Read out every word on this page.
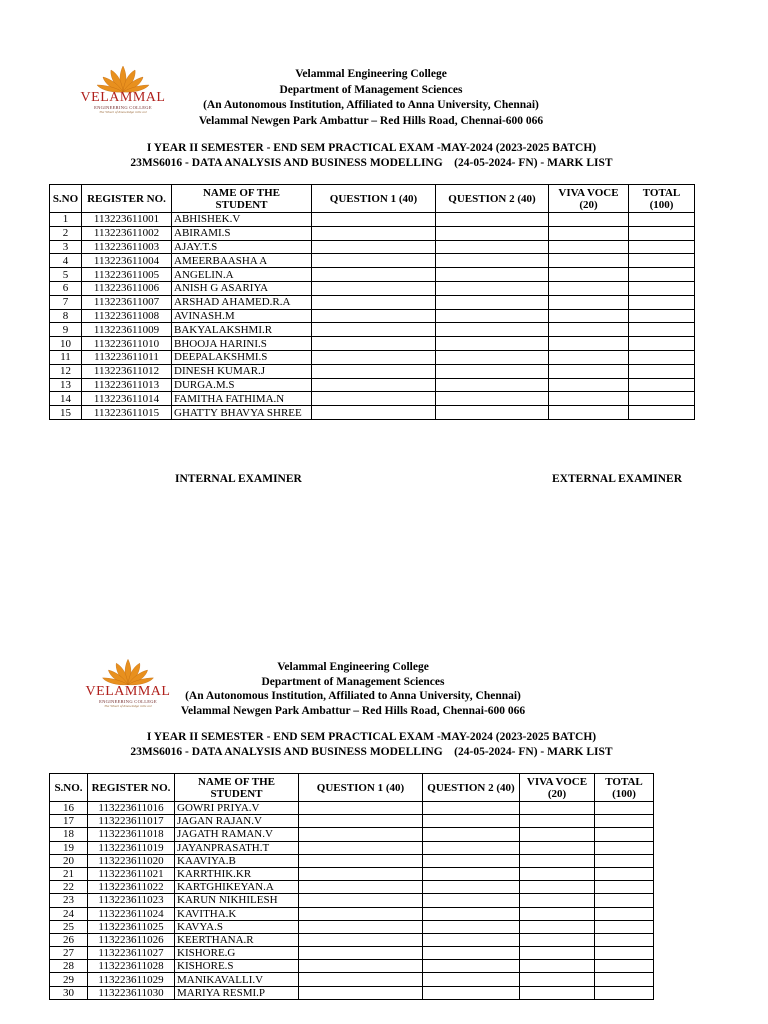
VELAMMAL
ENGINEERING COLLEGE
The Wheel of Knowledge rolls on!
Velammal Engineering College
Department of Management Sciences
(An Autonomous Institution, Affiliated to Anna University, Chennai)
Velammal Newgen Park Ambattur – Red Hills Road, Chennai-600 066
I YEAR II SEMESTER - END SEM PRACTICAL EXAM -MAY-2024 (2023-2025 BATCH)
23MS6016 - DATA ANALYSIS AND BUSINESS MODELLING    (24-05-2024- FN) - MARK LIST
S.NO	REGISTER NO.	NAME OF THE
STUDENT	QUESTION 1 (40)	QUESTION 2 (40)	VIVA VOCE
(20)	TOTAL
(100)
1	113223611001	ABHISHEK.V				
2	113223611002	ABIRAMI.S				
3	113223611003	AJAY.T.S				
4	113223611004	AMEERBAASHA A				
5	113223611005	ANGELIN.A				
6	113223611006	ANISH G ASARIYA				
7	113223611007	ARSHAD AHAMED.R.A				
8	113223611008	AVINASH.M				
9	113223611009	BAKYALAKSHMI.R				
10	113223611010	BHOOJA HARINI.S				
11	113223611011	DEEPALAKSHMI.S				
12	113223611012	DINESH KUMAR.J				
13	113223611013	DURGA.M.S				
14	113223611014	FAMITHA FATHIMA.N				
15	113223611015	GHATTY BHAVYA SHREE				
INTERNAL EXAMINER	EXTERNAL EXAMINER
VELAMMAL
ENGINEERING COLLEGE
The Wheel of Knowledge rolls on!
Velammal Engineering College
Department of Management Sciences
(An Autonomous Institution, Affiliated to Anna University, Chennai)
Velammal Newgen Park Ambattur – Red Hills Road, Chennai-600 066
I YEAR II SEMESTER - END SEM PRACTICAL EXAM -MAY-2024 (2023-2025 BATCH)
23MS6016 - DATA ANALYSIS AND BUSINESS MODELLING    (24-05-2024- FN) - MARK LIST
S.NO.	REGISTER NO.	NAME OF THE
STUDENT	QUESTION 1 (40)	QUESTION 2 (40)	VIVA VOCE
(20)	TOTAL
(100)
16	113223611016	GOWRI PRIYA.V				
17	113223611017	JAGAN RAJAN.V				
18	113223611018	JAGATH RAMAN.V				
19	113223611019	JAYANPRASATH.T				
20	113223611020	KAAVIYA.B				
21	113223611021	KARRTHIK.KR				
22	113223611022	KARTGHIKEYAN.A				
23	113223611023	KARUN NIKHILESH				
24	113223611024	KAVITHA.K				
25	113223611025	KAVYA.S				
26	113223611026	KEERTHANA.R				
27	113223611027	KISHORE.G				
28	113223611028	KISHORE.S				
29	113223611029	MANIKAVALLI.V				
30	113223611030	MARIYA RESMI.P				
